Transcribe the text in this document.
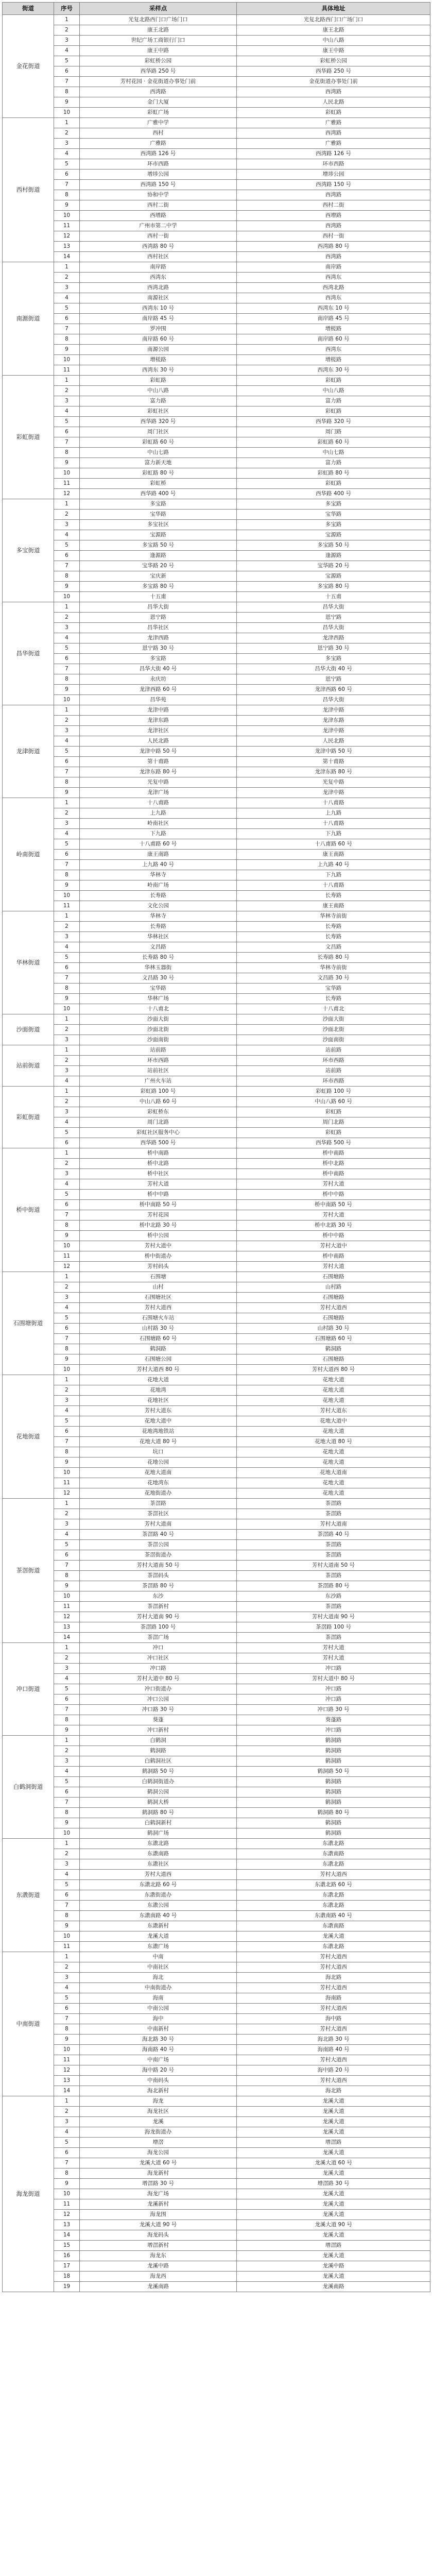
街道	序号	采样点	具体地址
金花街道	1	光复北路西门口广场门口	光复北路西门口广场门口
	2	康王北路	康王北路
	3	世纪广场工商银行门口	中山八路
	4	康王中路	康王中路
	5	彩虹桥公园	彩虹桥公园
	6	西华路 250 号	西华路 250 号
	7	芳村花园 · 金花街道办事处门前	金花街道办事处门前
	8	西湾路	西湾路
	9	金门大厦	人民北路
	10	彩虹广场	彩虹路
西村街道	1	广雅中学	广雅路
	2	西村	西湾路
	3	广雅路	广雅路
	4	西湾路 126 号	西湾路 126 号
	5	环市西路	环市西路
	6	增埗公园	增埗公园
	7	西湾路 150 号	西湾路 150 号
	8	协和中学	西湾路
	9	西村二街	西村二街
	10	西增路	西增路
	11	广州市第二中学	西湾路
	12	西村一街	西村一街
	13	西湾路 80 号	西湾路 80 号
	14	西村社区	西湾路
南源街道	1	南岸路	南岸路
	2	西湾东	西湾东
	3	西湾北路	西湾北路
	4	南源社区	西湾东
	5	西湾东 10 号	西湾东 10 号
	6	南岸路 45 号	南岸路 45 号
	7	罗冲围	增槎路
	8	南岸路 60 号	南岸路 60 号
	9	南源公园	西湾东
	10	增槎路	增槎路
	11	西湾东 30 号	西湾东 30 号
彩虹街道	1	彩虹路	彩虹路
	2	中山八路	中山八路
	3	富力路	富力路
	4	彩虹社区	彩虹路
	5	西华路 320 号	西华路 320 号
	6	周门社区	周门路
	7	彩虹路 60 号	彩虹路 60 号
	8	中山七路	中山七路
	9	富力新天地	富力路
	10	彩虹路 80 号	彩虹路 80 号
	11	彩虹桥	彩虹路
	12	西华路 400 号	西华路 400 号
多宝街道	1	多宝路	多宝路
	2	宝华路	宝华路
	3	多宝社区	多宝路
	4	宝源路	宝源路
	5	多宝路 50 号	多宝路 50 号
	6	逢源路	逢源路
	7	宝华路 20 号	宝华路 20 号
	8	宝庆新	宝源路
	9	多宝路 80 号	多宝路 80 号
	10	十五甫	十五甫
昌华街道	1	昌华大街	昌华大街
	2	恩宁路	恩宁路
	3	昌华社区	昌华大街
	4	龙津西路	龙津西路
	5	恩宁路 30 号	恩宁路 30 号
	6	多宝路	多宝路
	7	昌华大街 40 号	昌华大街 40 号
	8	永庆坊	恩宁路
	9	龙津西路 60 号	龙津西路 60 号
	10	昌华苑	昌华大街
龙津街道	1	龙津中路	龙津中路
	2	龙津东路	龙津东路
	3	龙津社区	龙津中路
	4	人民北路	人民北路
	5	龙津中路 50 号	龙津中路 50 号
	6	第十甫路	第十甫路
	7	龙津东路 80 号	龙津东路 80 号
	8	光复中路	光复中路
	9	龙津广场	龙津中路
岭南街道	1	十八甫路	十八甫路
	2	上九路	上九路
	3	岭南社区	十八甫路
	4	下九路	下九路
	5	十八甫路 60 号	十八甫路 60 号
	6	康王南路	康王南路
	7	上九路 40 号	上九路 40 号
	8	华林寺	下九路
	9	岭南广场	十八甫路
	10	长寿路	长寿路
	11	文化公园	康王南路
华林街道	1	华林寺	华林寺前街
	2	长寿路	长寿路
	3	华林社区	长寿路
	4	文昌路	文昌路
	5	长寿路 80 号	长寿路 80 号
	6	华林玉器街	华林寺前街
	7	文昌路 30 号	文昌路 30 号
	8	宝华路	宝华路
	9	华林广场	长寿路
	10	十八甫北	十八甫北
沙面街道	1	沙面大街	沙面大街
	2	沙面北街	沙面北街
	3	沙面南街	沙面南街
站前街道	1	站前路	站前路
	2	环市西路	环市西路
	3	站前社区	站前路
	4	广州火车站	环市西路
彩虹街道	1	彩虹路 100 号	彩虹路 100 号
	2	中山八路 60 号	中山八路 60 号
	3	彩虹桥东	彩虹路
	4	周门北路	周门北路
	5	彩虹社区服务中心	彩虹路
	6	西华路 500 号	西华路 500 号
桥中街道	1	桥中南路	桥中南路
	2	桥中北路	桥中北路
	3	桥中社区	桥中南路
	4	芳村大道	芳村大道
	5	桥中中路	桥中中路
	6	桥中南路 50 号	桥中南路 50 号
	7	芳村花园	芳村大道
	8	桥中北路 30 号	桥中北路 30 号
	9	桥中公园	桥中中路
	10	芳村大道中	芳村大道中
	11	桥中街道办	桥中南路
	12	芳村码头	芳村大道
石围塘街道	1	石围塘	石围塘路
	2	山村	山村路
	3	石围塘社区	石围塘路
	4	芳村大道西	芳村大道西
	5	石围塘火车站	石围塘路
	6	山村路 30 号	山村路 30 号
	7	石围塘路 60 号	石围塘路 60 号
	8	鹤洞路	鹤洞路
	9	石围塘公园	石围塘路
	10	芳村大道西 80 号	芳村大道西 80 号
花地街道	1	花地大道	花地大道
	2	花地湾	花地大道
	3	花地社区	花地大道
	4	芳村大道东	芳村大道东
	5	花地大道中	花地大道中
	6	花地湾地铁站	花地大道
	7	花地大道 80 号	花地大道 80 号
	8	坑口	花地大道
	9	花地公园	花地大道
	10	花地大道南	花地大道南
	11	花地湾东	花地大道
	12	花地街道办	花地大道
茶滘街道	1	茶滘路	茶滘路
	2	茶滘社区	茶滘路
	3	芳村大道南	芳村大道南
	4	茶滘路 40 号	茶滘路 40 号
	5	茶滘公园	茶滘路
	6	茶滘街道办	茶滘路
	7	芳村大道南 50 号	芳村大道南 50 号
	8	茶滘码头	茶滘路
	9	茶滘路 80 号	茶滘路 80 号
	10	东沙	东沙路
	11	茶滘新村	茶滘路
	12	芳村大道南 90 号	芳村大道南 90 号
	13	茶滘路 100 号	茶滘路 100 号
	14	茶滘广场	茶滘路
冲口街道	1	冲口	芳村大道
	2	冲口社区	芳村大道
	3	冲口路	冲口路
	4	芳村大道中 80 号	芳村大道中 80 号
	5	冲口街道办	冲口路
	6	冲口公园	冲口路
	7	冲口路 30 号	冲口路 30 号
	8	葵蓬	葵蓬路
	9	冲口新村	冲口路
白鹤洞街道	1	白鹤洞	鹤洞路
	2	鹤洞路	鹤洞路
	3	白鹤洞社区	鹤洞路
	4	鹤洞路 50 号	鹤洞路 50 号
	5	白鹤洞街道办	鹤洞路
	6	鹤洞公园	鹤洞路
	7	鹤洞大桥	鹤洞路
	8	鹤洞路 80 号	鹤洞路 80 号
	9	白鹤洞新村	鹤洞路
	10	鹤洞广场	鹤洞路
东漖街道	1	东漖北路	东漖北路
	2	东漖南路	东漖南路
	3	东漖社区	东漖北路
	4	芳村大道西	芳村大道西
	5	东漖北路 60 号	东漖北路 60 号
	6	东漖街道办	东漖北路
	7	东漖公园	东漖北路
	8	东漖南路 40 号	东漖南路 40 号
	9	东漖新村	东漖南路
	10	龙溪大道	龙溪大道
	11	东漖广场	东漖北路
中南街道	1	中南	芳村大道西
	2	中南社区	芳村大道西
	3	海北	海北路
	4	中南街道办	芳村大道西
	5	海南	海南路
	6	中南公园	芳村大道西
	7	海中	海中路
	8	中南新村	芳村大道西
	9	海北路 30 号	海北路 30 号
	10	海南路 40 号	海南路 40 号
	11	中南广场	芳村大道西
	12	海中路 20 号	海中路 20 号
	13	中南码头	芳村大道西
	14	海北新村	海北路
海龙街道	1	海龙	龙溪大道
	2	海龙社区	龙溪大道
	3	龙溪	龙溪大道
	4	海龙街道办	龙溪大道
	5	增滘	增滘路
	6	海龙公园	龙溪大道
	7	龙溪大道 60 号	龙溪大道 60 号
	8	海龙新村	龙溪大道
	9	增滘路 30 号	增滘路 30 号
	10	海龙广场	龙溪大道
	11	龙溪新村	龙溪大道
	12	海龙围	龙溪大道
	13	龙溪大道 90 号	龙溪大道 90 号
	14	海龙码头	龙溪大道
	15	增滘新村	增滘路
	16	海龙东	龙溪大道
	17	龙溪中路	龙溪中路
	18	海龙西	龙溪大道
	19	龙溪南路	龙溪南路
